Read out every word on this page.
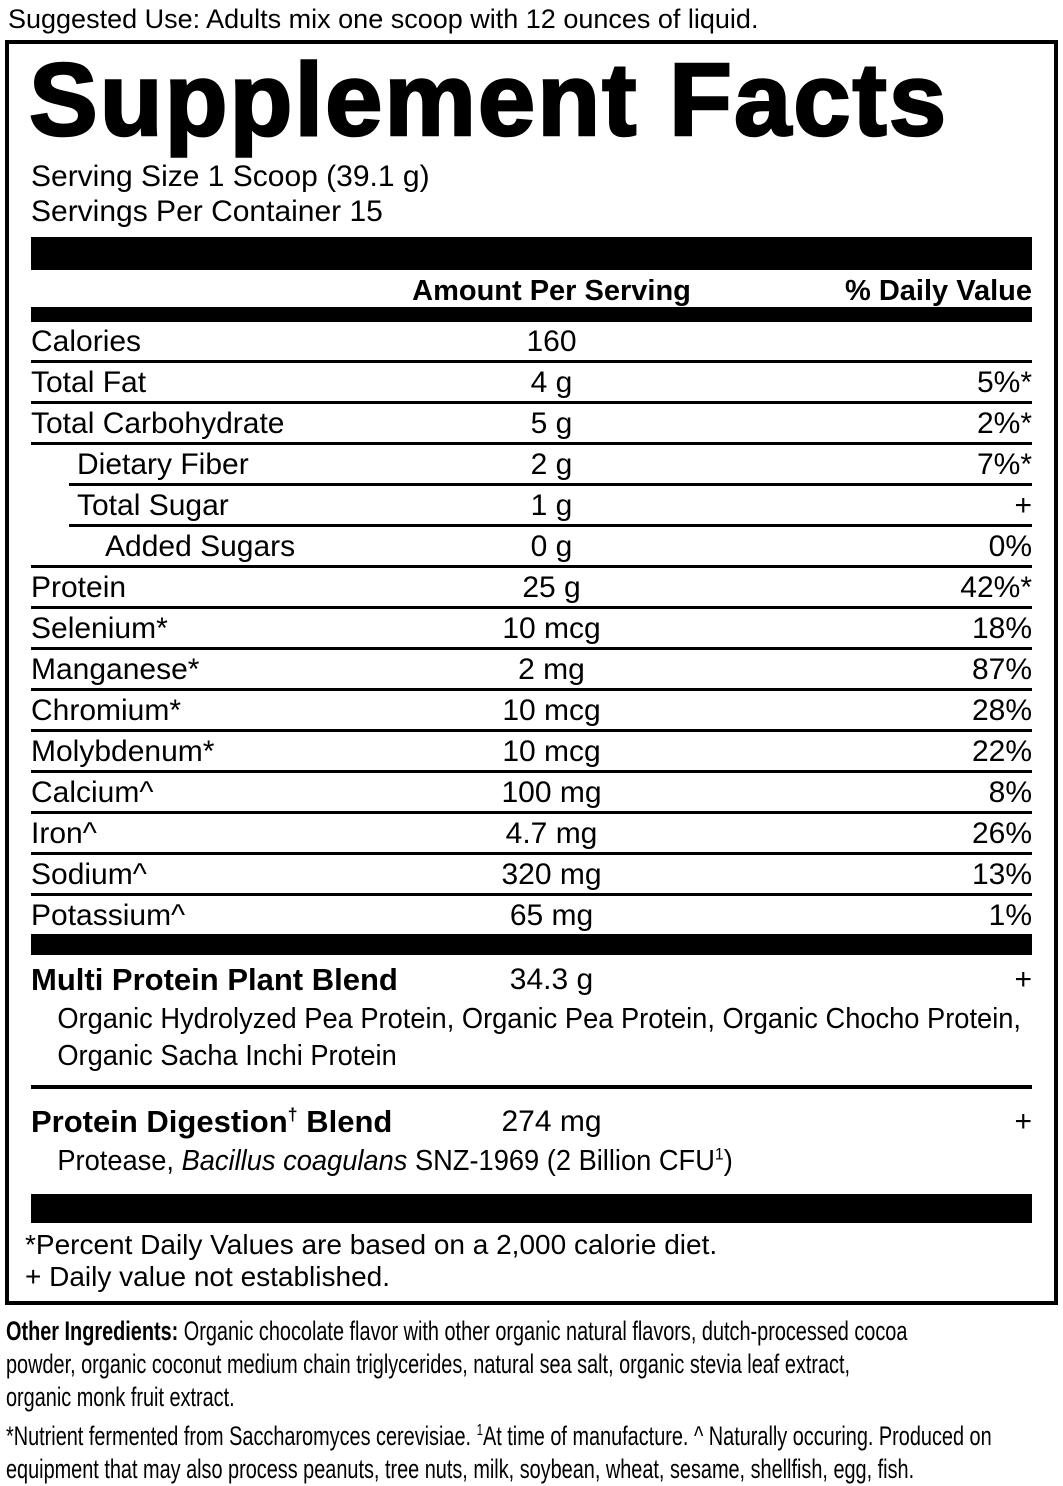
Suggested Use: Adults mix one scoop with 12 ounces of liquid.
Supplement Facts
Serving Size 1 Scoop (39.1 g)
Servings Per Container 15
Amount Per Serving	% Daily Value
Calories	160
Total Fat	4 g	5%*
Total Carbohydrate	5 g	2%*
Dietary Fiber	2 g	7%*
Total Sugar	1 g	+
Added Sugars	0 g	0%
Protein	25 g	42%*
Selenium*	10 mcg	18%
Manganese*	2 mg	87%
Chromium*	10 mcg	28%
Molybdenum*	10 mcg	22%
Calcium^	100 mg	8%
Iron^	4.7 mg	26%
Sodium^	320 mg	13%
Potassium^	65 mg	1%
Multi Protein Plant Blend	34.3 g	+
Organic Hydrolyzed Pea Protein, Organic Pea Protein, Organic Chocho Protein,
Organic Sacha Inchi Protein
Protein Digestion† Blend	274 mg	+
Protease, Bacillus coagulans SNZ-1969 (2 Billion CFU$^1$)
*Percent Daily Values are based on a 2,000 calorie diet.
+ Daily value not established.
Other Ingredients: Organic chocolate flavor with other organic natural flavors, dutch-processed cocoa
powder, organic coconut medium chain triglycerides, natural sea salt, organic stevia leaf extract,
organic monk fruit extract.
*Nutrient fermented from Saccharomyces cerevisiae. $^1$At time of manufacture. ^ Naturally occuring. Produced on
equipment that may also process peanuts, tree nuts, milk, soybean, wheat, sesame, shellfish, egg, fish.
